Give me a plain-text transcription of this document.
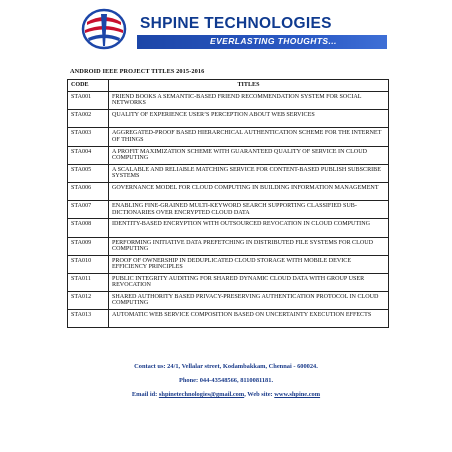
SHPINE TECHNOLOGIES
EVERLASTING THOUGHTS...
ANDROID IEEE PROJECT TITLES 2015-2016
CODE	TITLES
STA001	FRIEND BOOKS A SEMANTIC-BASED FRIEND RECOMMENDATION SYSTEM FOR SOCIAL NETWORKS
STA002	QUALITY OF EXPERIENCE USER’S PERCEPTION ABOUT WEB SERVICES
STA003	AGGREGATED-PROOF BASED HIERARCHICAL AUTHENTICATION SCHEME FOR THE INTERNET OF THINGS
STA004	A PROFIT MAXIMIZATION SCHEME WITH GUARANTEED QUALITY OF SERVICE IN CLOUD COMPUTING
STA005	A SCALABLE AND RELIABLE MATCHING SERVICE FOR CONTENT-BASED PUBLISH SUBSCRIBE SYSTEMS
STA006	GOVERNANCE MODEL FOR CLOUD COMPUTING IN BUILDING INFORMATION MANAGEMENT
STA007	ENABLING FINE-GRAINED MULTI-KEYWORD SEARCH SUPPORTING CLASSIFIED SUB-DICTIONARIES OVER ENCRYPTED CLOUD DATA
STA008	IDENTITY-BASED ENCRYPTION WITH OUTSOURCED REVOCATION IN CLOUD COMPUTING
STA009	PERFORMING INITIATIVE DATA PREFETCHING IN DISTRIBUTED FILE SYSTEMS FOR CLOUD COMPUTING
STA010	PROOF OF OWNERSHIP IN DEDUPLICATED CLOUD STORAGE WITH MOBILE DEVICE EFFICIENCY PRINCIPLES
STA011	PUBLIC INTEGRITY AUDITING FOR SHARED DYNAMIC CLOUD DATA WITH GROUP USER REVOCATION
STA012	SHARED AUTHORITY BASED PRIVACY-PRESERVING AUTHENTICATION PROTOCOL IN CLOUD COMPUTING
STA013	AUTOMATIC WEB SERVICE COMPOSITION BASED ON UNCERTAINTY EXECUTION EFFECTS
Contact us: 24/1, Vellalar street, Kodambakkam, Chennai - 600024.
Phone: 044-43548566, 8110081181.
Email id: shpinetechnologies@gmail.com, Web site: www.shpine.com
